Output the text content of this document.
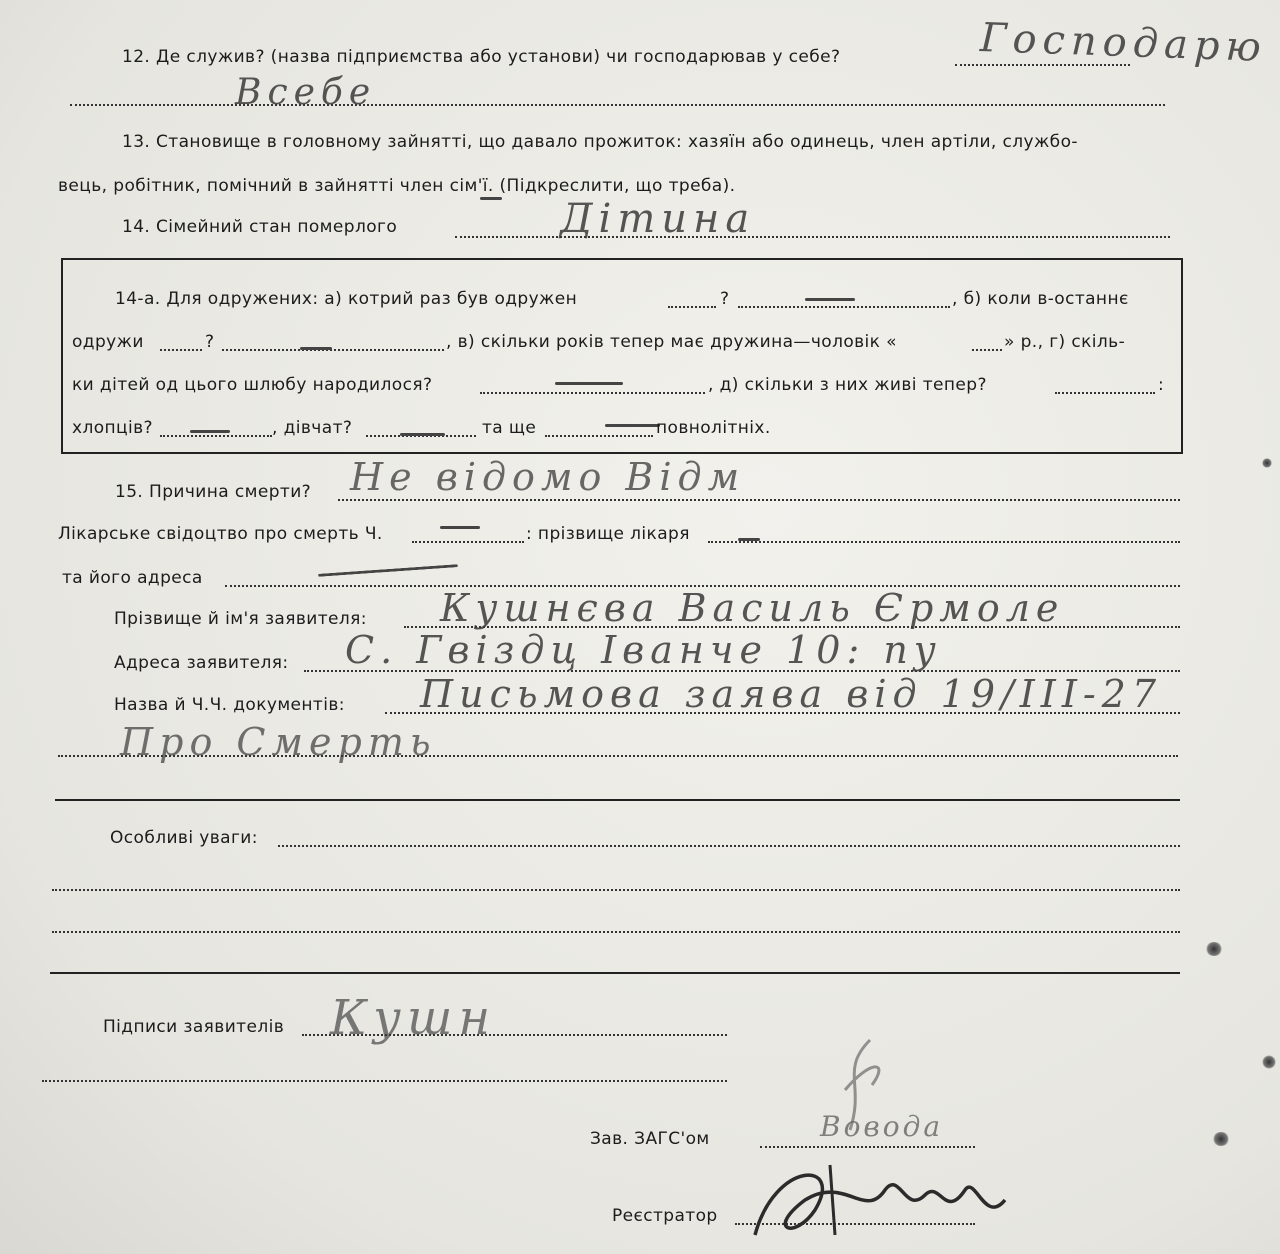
12. Де служив? (назва підприємства або установи) чи господарював у себе?	Господарю
Всебе
13. Становище в головному зайнятті, що давало прожиток: хазяїн або одинець, член артіли, службо-
вець, робітник, помічний в зайнятті член сім'ї. (Підкреслити, що треба).
14. Сімейний стан померлого	Дітина
14-а. Для одружених: а) котрий раз був одружен	?	, б) коли в-останнє
одружи	?	, в) скільки років тепер має дружина—чоловік «	» р., г) скіль-
ки дітей од цього шлюбу народилося?	, д) скільки з них живі тепер?	:
хлопців?	, дівчат?	та ще	повнолітніх.
15. Причина смерти? Не відомо Відм
Лікарське свідоцтво про смерть Ч.	: прізвище лікаря
та його адреса
Прізвище й ім'я заявителя: Кушнєва Василь Єрмоле
Адреса заявителя: С. Гвіздц Іванче 10: пу
Назва й Ч.Ч. документів: Письмова заява від 19/ІІІ-27
Про Смерть
Особливі уваги:
Підписи заявителів Кушн
Зав. ЗАГС'ом	Вовода
Реєстратор
